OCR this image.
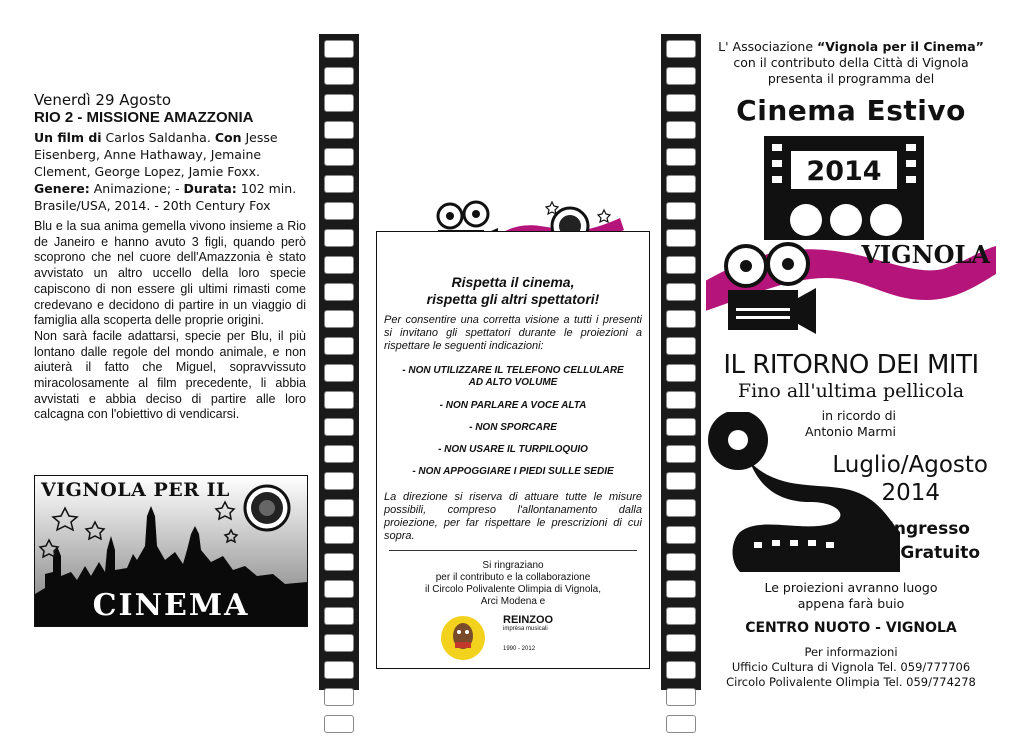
Venerdì 29 Agosto
RIO 2 - MISSIONE AMAZZONIA
Un film di Carlos Saldanha. Con Jesse Eisenberg, Anne Hathaway, Jemaine Clement, George Lopez, Jamie Foxx.
Genere: Animazione; - Durata: 102 min.
Brasile/USA, 2014. - 20th Century Fox
Blu e la sua anima gemella vivono insieme a Rio de Janeiro e hanno avuto 3 figli, quando però scoprono che nel cuore dell'Amazzonia è stato avvistato un altro uccello della loro specie capiscono di non essere gli ultimi rimasti come credevano e decidono di partire in un viaggio di famiglia alla scoperta delle proprie origini.
Non sarà facile adattarsi, specie per Blu, il più lontano dalle regole del mondo animale, e non aiuterà il fatto che Miguel, sopravvissuto miracolosamente al film precedente, li abbia avvistati e abbia deciso di partire alle loro calcagna con l'obiettivo di vendicarsi.
VIGNOLA PER IL
CINEMA
Rispetta il cinema,
rispetta gli altri spettatori!
Per consentire una corretta visione a tutti i presenti si invitano gli spettatori durante le proiezioni a rispettare le seguenti indicazioni:
- NON UTILIZZARE IL TELEFONO CELLULARE
AD ALTO VOLUME
- NON PARLARE A VOCE ALTA
- NON SPORCARE
- NON USARE IL TURPILOQUIO
- NON APPOGGIARE I PIEDI SULLE SEDIE
La direzione si riserva di attuare tutte le misure possibili, compreso l'allontanamento dalla proiezione, per far rispettare le prescrizioni di cui sopra.
Si ringraziano
per il contributo e la collaborazione
il Circolo Polivalente Olimpia di Vignola,
Arci Modena e
REINZOO
imprèsa musicali
1990 - 2012
L' Associazione “Vignola per il Cinema”
con il contributo della Città di Vignola
presenta il programma del
Cinema Estivo
2014
VIGNOLA
IL RITORNO DEI MITI
Fino all'ultima pellicola
in ricordo di
Antonio Marmi
Luglio/Agosto
2014
Ingresso
Gratuito
Le proiezioni avranno luogo
appena farà buio
CENTRO NUOTO - VIGNOLA
Per informazioni
Ufficio Cultura di Vignola Tel. 059/777706
Circolo Polivalente Olimpia Tel. 059/774278
